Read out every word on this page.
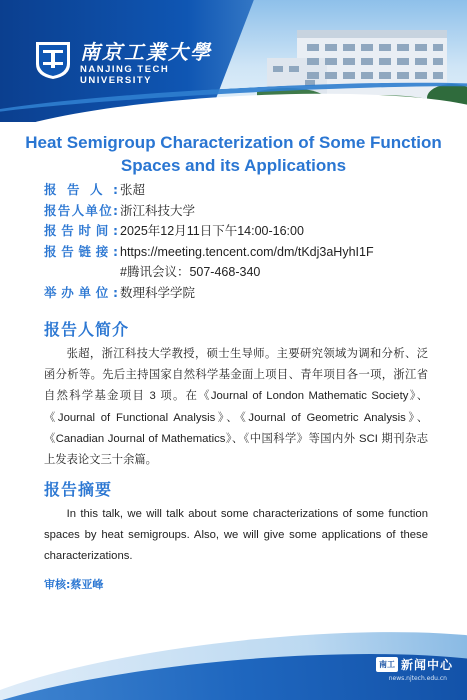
南京工業大學
NANJING TECH
UNIVERSITY
Heat Semigroup Characterization of Some Function Spaces and its Applications
报告人: 张超
报告人单位: 浙江科技大学
报告时间: 2025年12月11日下午14:00-16:00
报告链接: https://meeting.tencent.com/dm/tKdj3aHyhI1F
#腾讯会议：507-468-340
举办单位: 数理科学学院
报告人简介
张超，浙江科技大学教授，硕士生导师。主要研究领域为调和分析、泛函分析等。先后主持国家自然科学基金面上项目、青年项目各一项，浙江省自然科学基金项目 3 项。在《Journal of London Mathematic Society》、《Journal of Functional Analysis》、《Journal of Geometric Analysis》、《Canadian Journal of Mathematics》、《中国科学》等国内外 SCI 期刊杂志上发表论文三十余篇。
报告摘要
In this talk, we will talk about some characterizations of some function spaces by heat semigroups. Also, we will give some applications of these characterizations.
审核:蔡亚峰
南工 新闻中心
news.njtech.edu.cn
